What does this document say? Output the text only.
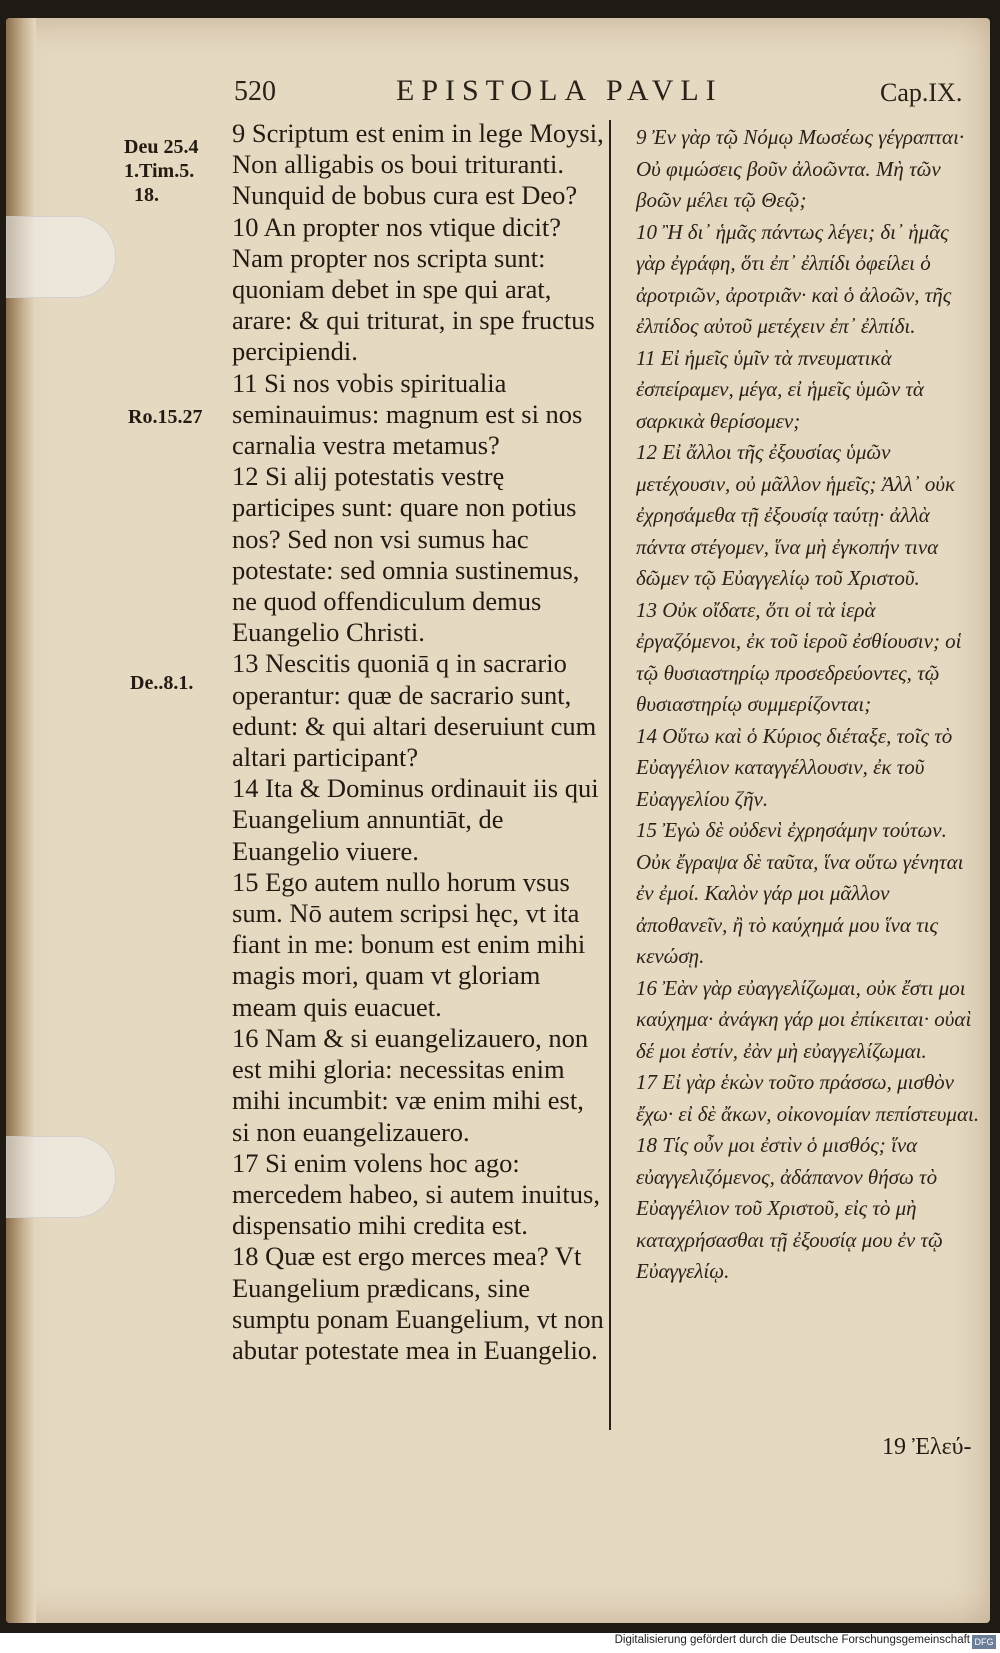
520	EPISTOLA PAVLI	Cap.IX.
Deu 25.4
1.Tim.5.
18.
Ro.15.27
De..8.1.
9 Scriptum est enim in lege Moysi, Non alligabis os boui trituranti. Nunquid de bobus cura est Deo?
10 An propter nos vtique dicit? Nam propter nos scripta sunt: quoniam debet in spe qui arat, arare: & qui triturat, in spe fructus percipiendi.
11 Si nos vobis spiritualia seminauimus: magnum est si nos carnalia vestra metamus?
12 Si alij potestatis vestrę participes sunt: quare non potius nos? Sed non vsi sumus hac potestate: sed omnia sustinemus, ne quod offendiculum demus Euangelio Christi.
13 Nescitis quoniā q in sacrario operantur: quæ de sacrario sunt, edunt: & qui altari deseruiunt cum altari participant?
14 Ita & Dominus ordinauit iis qui Euangelium annuntiāt, de Euangelio viuere.
15 Ego autem nullo horum vsus sum. Nō autem scripsi hęc, vt ita fiant in me: bonum est enim mihi magis mori, quam vt gloriam meam quis euacuet.
16 Nam & si euangelizauero, non est mihi gloria: necessitas enim mihi incumbit: væ enim mihi est, si non euangelizauero.
17 Si enim volens hoc ago: mercedem habeo, si autem inuitus, dispensatio mihi credita est.
18 Quæ est ergo merces mea? Vt Euangelium prædicans, sine sumptu ponam Euangelium, vt non abutar potestate mea in Euangelio.
9 Ἐν γὰρ τῷ Νόμῳ Μωσέως γέγραπται· Οὐ φιμώσεις βοῦν ἀλοῶντα. Μὴ τῶν βοῶν μέλει τῷ Θεῷ;
10 Ἢ δι᾽ ἡμᾶς πάντως λέγει; δι᾽ ἡμᾶς γὰρ ἐγράφη, ὅτι ἐπ᾽ ἐλπίδι ὀφείλει ὁ ἀροτριῶν, ἀροτριᾶν· καὶ ὁ ἀλοῶν, τῆς ἐλπίδος αὐτοῦ μετέχειν ἐπ᾽ ἐλπίδι.
11 Εἰ ἡμεῖς ὑμῖν τὰ πνευματικὰ ἐσπείραμεν, μέγα, εἰ ἡμεῖς ὑμῶν τὰ σαρκικὰ θερίσομεν;
12 Εἰ ἄλλοι τῆς ἐξουσίας ὑμῶν μετέχουσιν, οὐ μᾶλλον ἡμεῖς; Ἀλλ᾽ οὐκ ἐχρησάμεθα τῇ ἐξουσίᾳ ταύτῃ· ἀλλὰ πάντα στέγομεν, ἵνα μὴ ἐγκοπήν τινα δῶμεν τῷ Εὐαγγελίῳ τοῦ Χριστοῦ.
13 Οὐκ οἴδατε, ὅτι οἱ τὰ ἱερὰ ἐργαζόμενοι, ἐκ τοῦ ἱεροῦ ἐσθίουσιν; οἱ τῷ θυσιαστηρίῳ προσεδρεύοντες, τῷ θυσιαστηρίῳ συμμερίζονται;
14 Οὕτω καὶ ὁ Κύριος διέταξε, τοῖς τὸ Εὐαγγέλιον καταγγέλλουσιν, ἐκ τοῦ Εὐαγγελίου ζῆν.
15 Ἐγὼ δὲ οὐδενὶ ἐχρησάμην τούτων. Οὐκ ἔγραψα δὲ ταῦτα, ἵνα οὕτω γένηται ἐν ἐμοί. Καλὸν γάρ μοι μᾶλλον ἀποθανεῖν, ἢ τὸ καύχημά μου ἵνα τις κενώσῃ.
16 Ἐὰν γὰρ εὐαγγελίζωμαι, οὐκ ἔστι μοι καύχημα· ἀνάγκη γάρ μοι ἐπίκειται· οὐαὶ δέ μοι ἐστίν, ἐὰν μὴ εὐαγγελίζωμαι.
17 Εἰ γὰρ ἑκὼν τοῦτο πράσσω, μισθὸν ἔχω· εἰ δὲ ἄκων, οἰκονομίαν πεπίστευμαι.
18 Τίς οὖν μοι ἐστὶν ὁ μισθός; ἵνα εὐαγγελιζόμενος, ἀδάπανον θήσω τὸ Εὐαγγέλιον τοῦ Χριστοῦ, εἰς τὸ μὴ καταχρήσασθαι τῇ ἐξουσίᾳ μου ἐν τῷ Εὐαγγελίῳ.
19 Ἐλεύ-
Digitalisierung gefördert durch die Deutsche Forschungsgemeinschaft DFG
